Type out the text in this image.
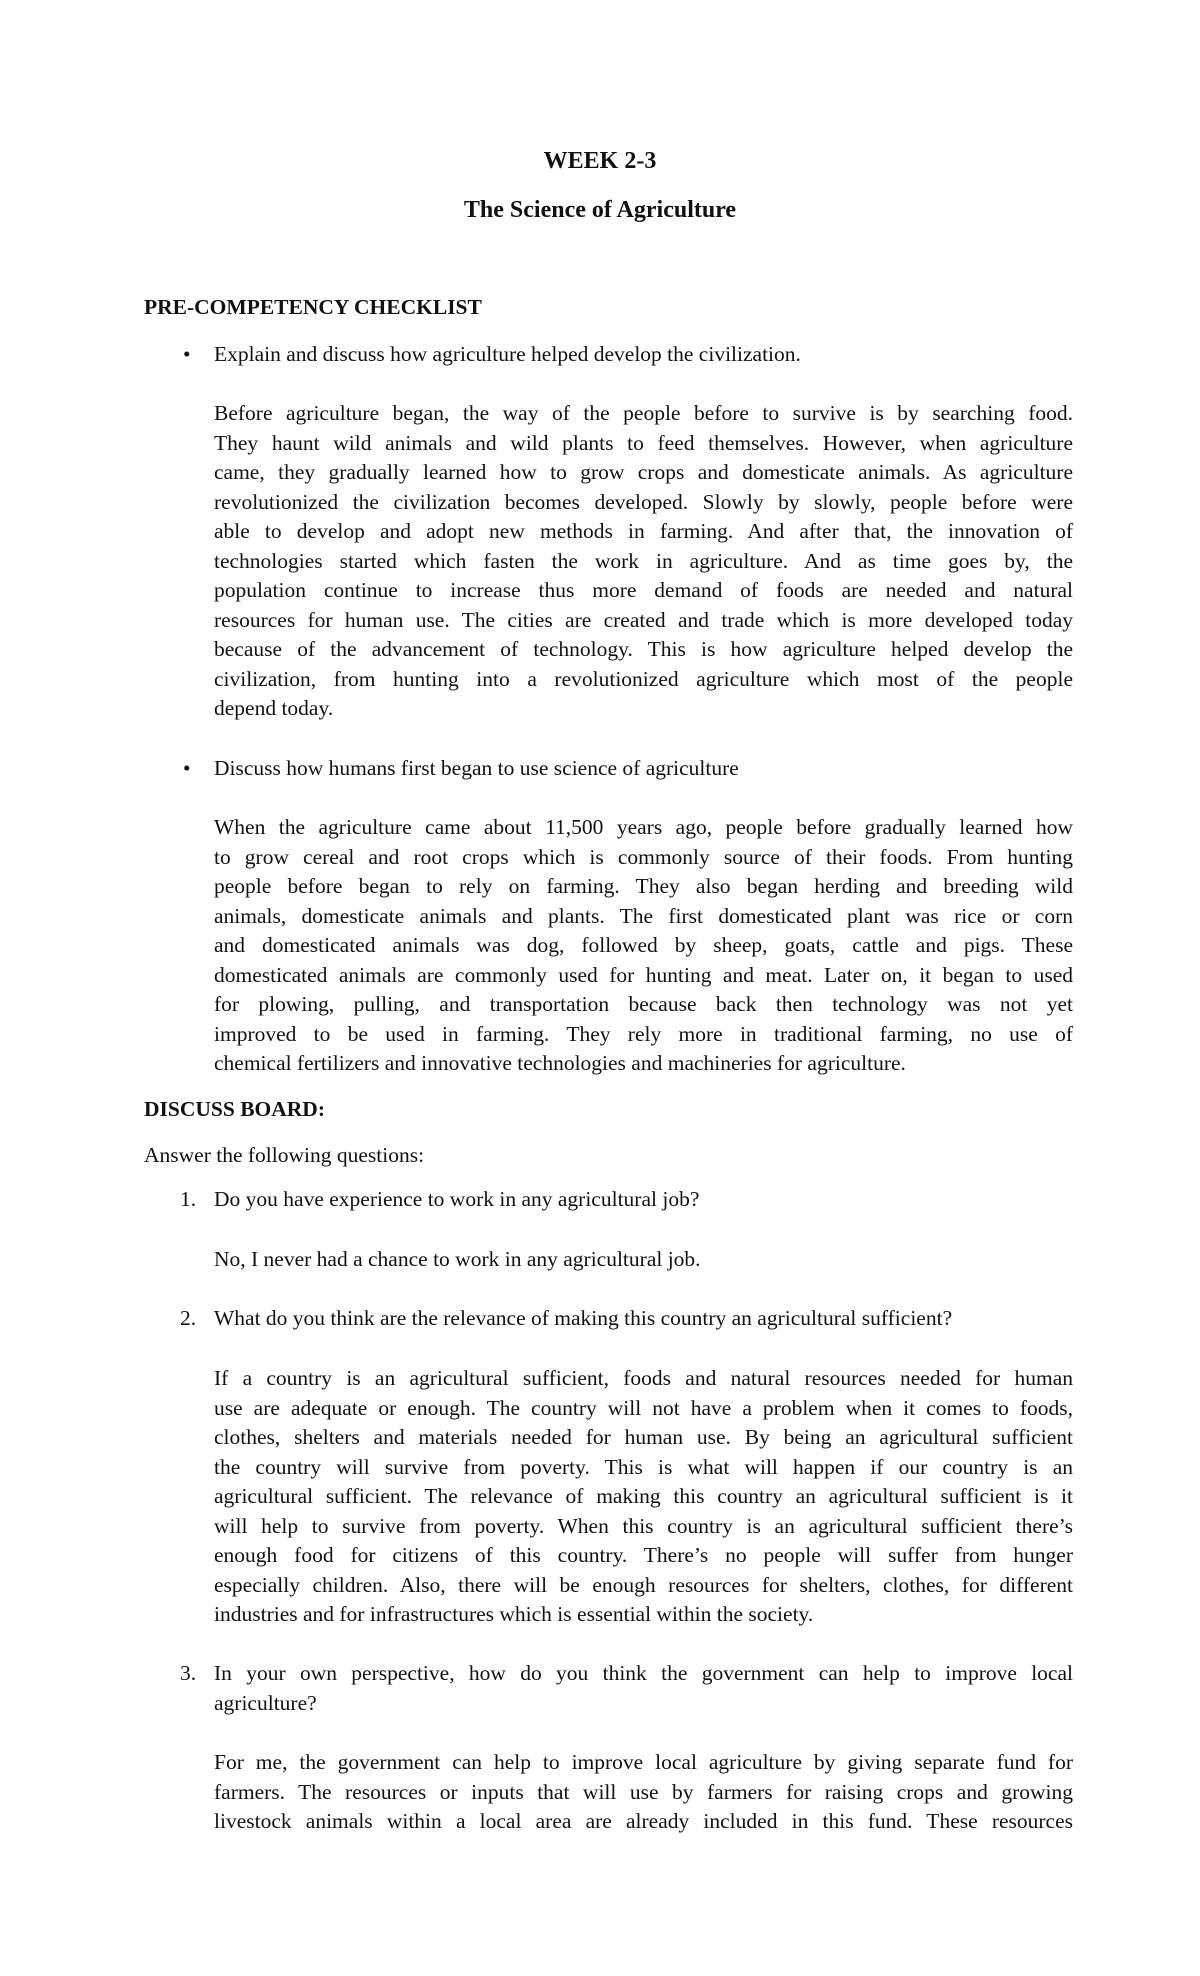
WEEK 2-3
The Science of Agriculture
PRE-COMPETENCY CHECKLIST
• Explain and discuss how agriculture helped develop the civilization.
Before agriculture began, the way of the people before to survive is by searching food.
They haunt wild animals and wild plants to feed themselves. However, when agriculture
came, they gradually learned how to grow crops and domesticate animals. As agriculture
revolutionized the civilization becomes developed. Slowly by slowly, people before were
able to develop and adopt new methods in farming. And after that, the innovation of
technologies started which fasten the work in agriculture. And as time goes by, the
population continue to increase thus more demand of foods are needed and natural
resources for human use. The cities are created and trade which is more developed today
because of the advancement of technology. This is how agriculture helped develop the
civilization, from hunting into a revolutionized agriculture which most of the people
depend today.
• Discuss how humans first began to use science of agriculture
When the agriculture came about 11,500 years ago, people before gradually learned how
to grow cereal and root crops which is commonly source of their foods. From hunting
people before began to rely on farming. They also began herding and breeding wild
animals, domesticate animals and plants. The first domesticated plant was rice or corn
and domesticated animals was dog, followed by sheep, goats, cattle and pigs. These
domesticated animals are commonly used for hunting and meat. Later on, it began to used
for plowing, pulling, and transportation because back then technology was not yet
improved to be used in farming. They rely more in traditional farming, no use of
chemical fertilizers and innovative technologies and machineries for agriculture.
DISCUSS BOARD:
Answer the following questions:
1. Do you have experience to work in any agricultural job?
No, I never had a chance to work in any agricultural job.
2. What do you think are the relevance of making this country an agricultural sufficient?
If a country is an agricultural sufficient, foods and natural resources needed for human
use are adequate or enough. The country will not have a problem when it comes to foods,
clothes, shelters and materials needed for human use. By being an agricultural sufficient
the country will survive from poverty. This is what will happen if our country is an
agricultural sufficient. The relevance of making this country an agricultural sufficient is it
will help to survive from poverty. When this country is an agricultural sufficient there’s
enough food for citizens of this country. There’s no people will suffer from hunger
especially children. Also, there will be enough resources for shelters, clothes, for different
industries and for infrastructures which is essential within the society.
3. In your own perspective, how do you think the government can help to improve local
agriculture?
For me, the government can help to improve local agriculture by giving separate fund for
farmers. The resources or inputs that will use by farmers for raising crops and growing
livestock animals within a local area are already included in this fund. These resources
